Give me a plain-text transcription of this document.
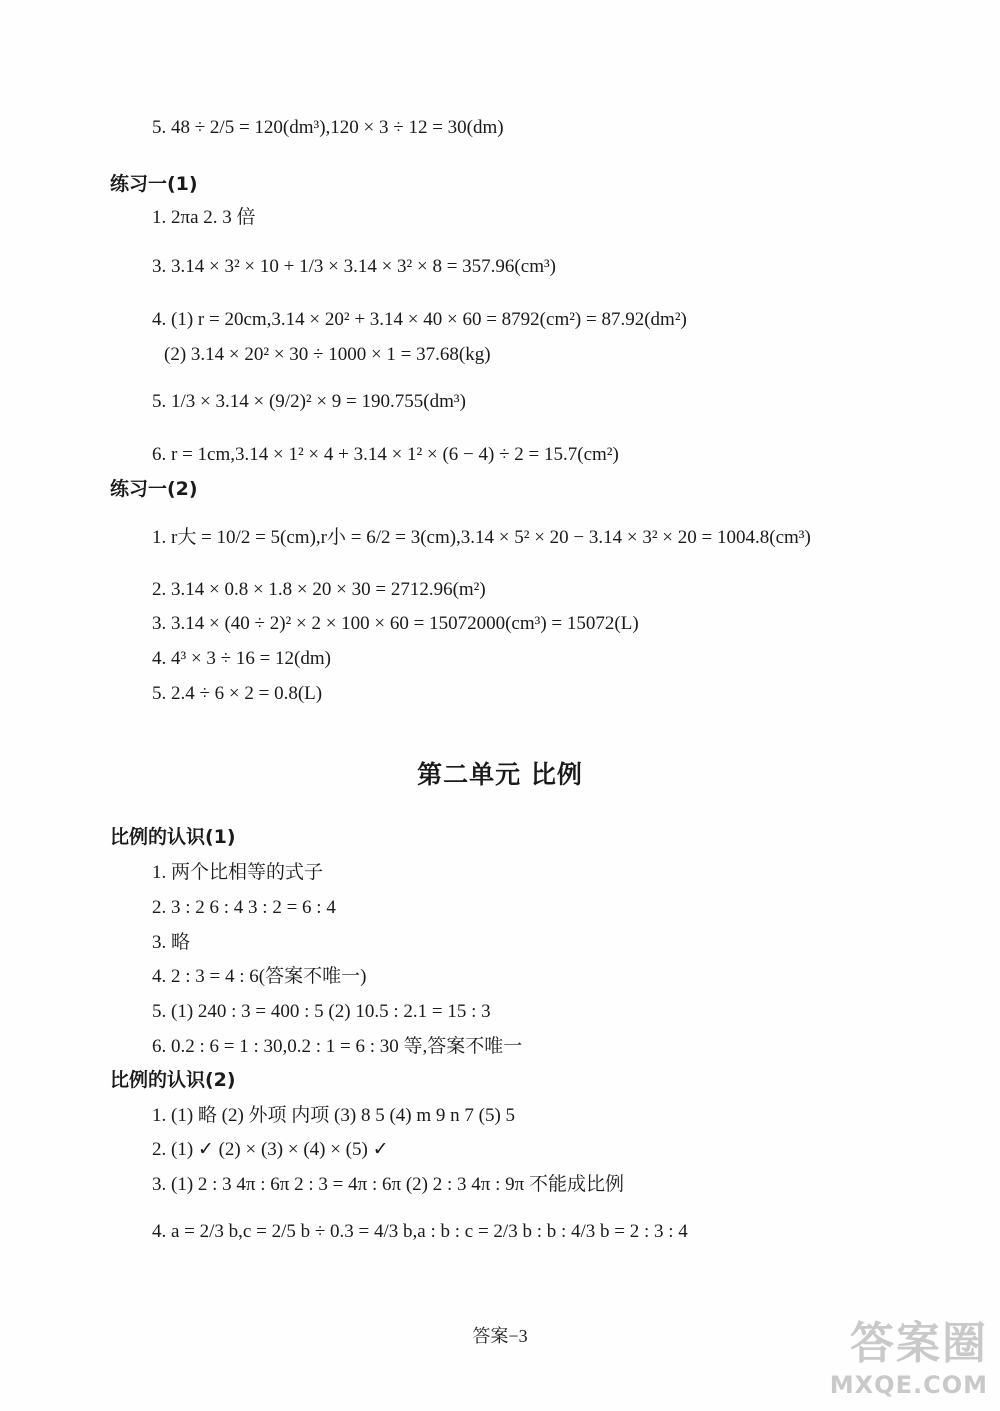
5. 48 ÷ 2/5 = 120(dm³),120 × 3 ÷ 12 = 30(dm)
练习一(1)
1. 2πa 2. 3 倍
3. 3.14 × 3² × 10 + 1/3 × 3.14 × 3² × 8 = 357.96(cm³)
4. (1) r = 20cm,3.14 × 20² + 3.14 × 40 × 60 = 8792(cm²) = 87.92(dm²)
(2) 3.14 × 20² × 30 ÷ 1000 × 1 = 37.68(kg)
5. 1/3 × 3.14 × (9/2)² × 9 = 190.755(dm³)
6. r = 1cm,3.14 × 1² × 4 + 3.14 × 1² × (6 − 4) ÷ 2 = 15.7(cm²)
练习一(2)
1. r大 = 10/2 = 5(cm),r小 = 6/2 = 3(cm),3.14 × 5² × 20 − 3.14 × 3² × 20 = 1004.8(cm³)
2. 3.14 × 0.8 × 1.8 × 20 × 30 = 2712.96(m²)
3. 3.14 × (40 ÷ 2)² × 2 × 100 × 60 = 15072000(cm³) = 15072(L)
4. 4³ × 3 ÷ 16 = 12(dm)
5. 2.4 ÷ 6 × 2 = 0.8(L)
比例的认识(1)
1. 两个比相等的式子
2. 3 : 2 6 : 4 3 : 2 = 6 : 4
3. 略
4. 2 : 3 = 4 : 6(答案不唯一)
5. (1) 240 : 3 = 400 : 5 (2) 10.5 : 2.1 = 15 : 3
6. 0.2 : 6 = 1 : 30,0.2 : 1 = 6 : 30 等,答案不唯一
比例的认识(2)
1. (1) 略 (2) 外项 内项 (3) 8 5 (4) m 9 n 7 (5) 5
2. (1) ✓ (2) × (3) × (4) × (5) ✓
3. (1) 2 : 3 4π : 6π 2 : 3 = 4π : 6π (2) 2 : 3 4π : 9π 不能成比例
4. a = 2/3 b,c = 2/5 b ÷ 0.3 = 4/3 b,a : b : c = 2/3 b : b : 4/3 b = 2 : 3 : 4
第二单元 比例
答案−3	答案圈
MXQE.COM
